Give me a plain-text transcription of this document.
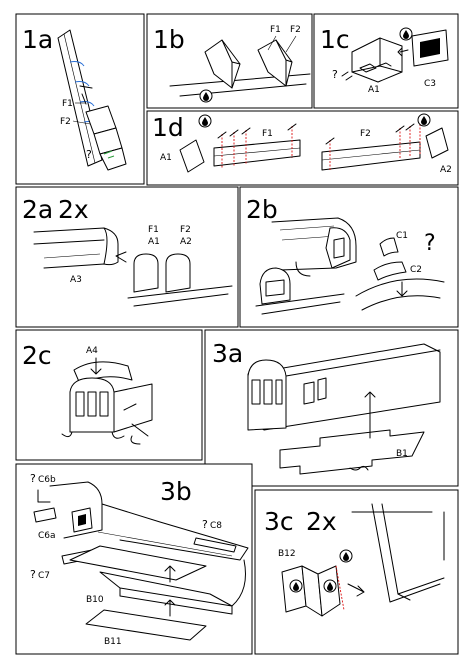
1a
F1
F2
?
1b	F1 F2 1c
?
A1
C3
1d
A1
F1	F2
A2
2a 2x
A3
F1
A1
F2
A2
2b
C1
C2
?
2c	A4	3a
B1
3b
? C6b
C6a
? C7
? C8
B10
B11
3c 2x
B12
